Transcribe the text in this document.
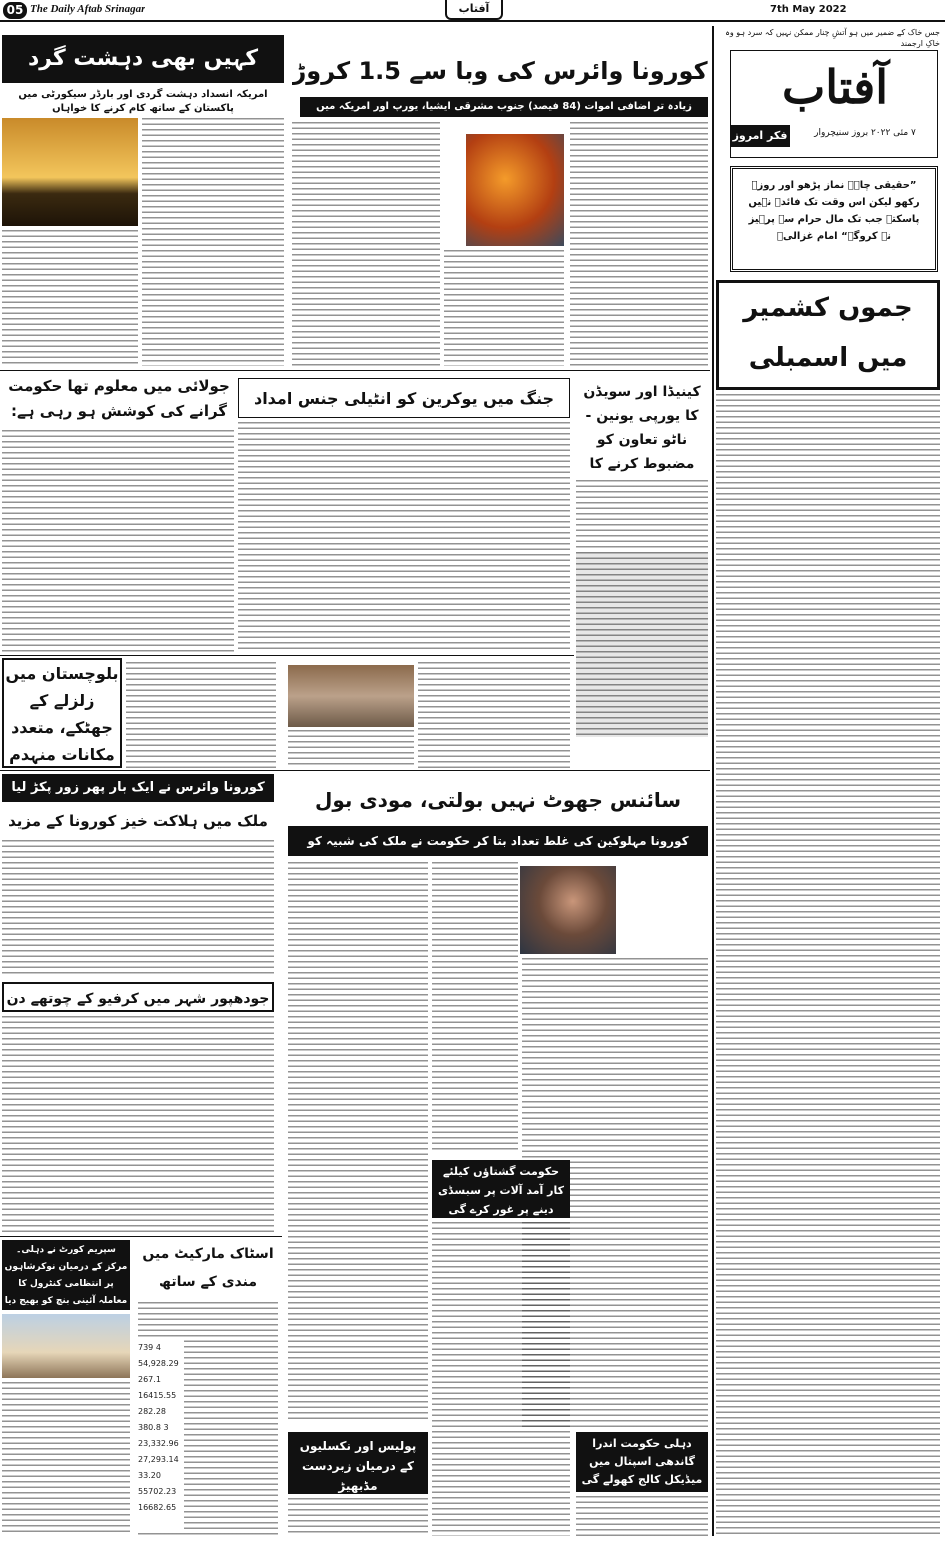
05 The Daily Aftab Srinagar	آفتاب	7th May 2022
جس خاک کے ضمیر میں ہو آتشِ چنار ممکن نہیں کہ سرد ہو وہ خاکِ ارجمند
آفتاب
فکر امروز	۷ مئی ۲۰۲۲ بروز سنیچروار
”حقیقی چاہے نماز پڑھو اور روزے رکھو لیکن اس وقت تک فائدہ نہیں پاسکتے جب تک مال حرام سے پرہیز نہ کروگے“ امام غزالیؒ
جموں کشمیر میں اسمبلی
کہیں بھی دہشت گرد
امریکہ انسداد دہشت گردی اور بارڈر سیکورٹی میں پاکستان کے ساتھ کام کرنے کا خواہاں
کورونا وائرس کی وبا سے 1.5 کروڑ
زیادہ تر اضافی اموات (84 فیصد) جنوب مشرقی ایشیا، یورپ اور امریکہ میں
جولائی میں معلوم تھا حکومت گرانے کی کوشش ہو رہی ہے:
جنگ میں یوکرین کو انٹیلی جنس امداد	کینیڈا اور سویڈن کا یورپی یونین - ناٹو تعاون کو مضبوط کرنے کا
بلوچستان میں زلزلے کے جھٹکے، متعدد مکانات منہدم
کورونا وائرس نے ایک بار پھر زور پکڑ لیا
ملک میں ہلاکت خیز کورونا کے مزید
سائنس جھوٹ نہیں بولتی، مودی بول
کورونا مہلوکین کی غلط تعداد بتا کر حکومت نے ملک کی شبیہ کو
جودھپور شہر میں کرفیو کے چوتھے دن
سپریم کورٹ نے دہلی۔ مرکز کے درمیان نوکرشاہوں پر انتظامی کنٹرول کا معاملہ آئینی بنچ کو بھیج دیا
اسٹاک مارکیٹ میں مندی کے ساتھ
739 4
54,928.29
267.1
16415.55
282.28
380.8 3
23,332.96
27,293.14
33.20
55702.23
16682.65
پولیس اور نکسلیوں کے درمیان زبردست مڈبھیڑ
حکومت گشتاؤں کیلئے کار آمد آلات پر سبسڈی دینے پر غور کرے گی
دہلی حکومت اندرا گاندھی اسپتال میں میڈیکل کالج کھولے گی
